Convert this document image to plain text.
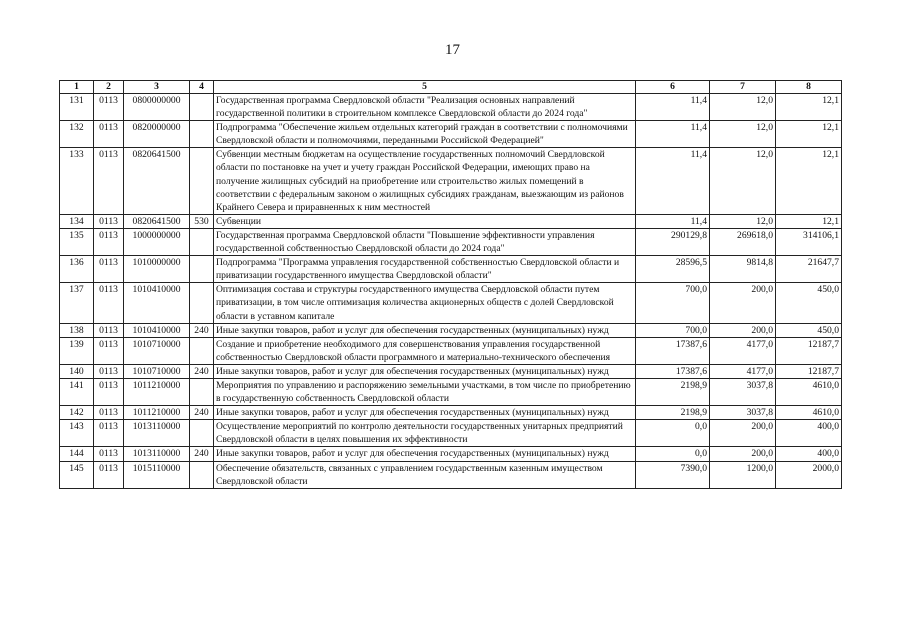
17
1	2	3	4	5	6	7	8
131	0113	0800000000		Государственная программа Свердловской области "Реализация основных направлений государственной политики в строительном комплексе Свердловской области до 2024 года"	11,4	12,0	12,1
132	0113	0820000000		Подпрограмма "Обеспечение жильем отдельных категорий граждан в соответствии с полномочиями Свердловской области и полномочиями, переданными Российской Федерацией"	11,4	12,0	12,1
133	0113	0820641500		Субвенции местным бюджетам на осуществление государственных полномочий Свердловской области по постановке на учет и учету граждан Российской Федерации, имеющих право на получение жилищных субсидий на приобретение или строительство жилых помещений в соответствии с федеральным законом о жилищных субсидиях гражданам, выезжающим из районов Крайнего Севера и приравненных к ним местностей	11,4	12,0	12,1
134	0113	0820641500	530	Субвенции	11,4	12,0	12,1
135	0113	1000000000		Государственная программа Свердловской области "Повышение эффективности управления государственной собственностью Свердловской области до 2024 года"	290129,8	269618,0	314106,1
136	0113	1010000000		Подпрограмма "Программа управления государственной собственностью Свердловской области и приватизации государственного имущества Свердловской области"	28596,5	9814,8	21647,7
137	0113	1010410000		Оптимизация состава и структуры государственного имущества Свердловской области путем приватизации, в том числе оптимизация количества акционерных обществ с долей Свердловской области в уставном капитале	700,0	200,0	450,0
138	0113	1010410000	240	Иные закупки товаров, работ и услуг для обеспечения государственных (муниципальных) нужд	700,0	200,0	450,0
139	0113	1010710000		Создание и приобретение необходимого для совершенствования управления государственной собственностью Свердловской области программного и материально-технического обеспечения	17387,6	4177,0	12187,7
140	0113	1010710000	240	Иные закупки товаров, работ и услуг для обеспечения государственных (муниципальных) нужд	17387,6	4177,0	12187,7
141	0113	1011210000		Мероприятия по управлению и распоряжению земельными участками, в том числе по приобретению в государственную собственность Свердловской области	2198,9	3037,8	4610,0
142	0113	1011210000	240	Иные закупки товаров, работ и услуг для обеспечения государственных (муниципальных) нужд	2198,9	3037,8	4610,0
143	0113	1013110000		Осуществление мероприятий по контролю деятельности государственных унитарных предприятий Свердловской области в целях повышения их эффективности	0,0	200,0	400,0
144	0113	1013110000	240	Иные закупки товаров, работ и услуг для обеспечения государственных (муниципальных) нужд	0,0	200,0	400,0
145	0113	1015110000		Обеспечение обязательств, связанных с управлением государственным казенным имуществом Свердловской области	7390,0	1200,0	2000,0
